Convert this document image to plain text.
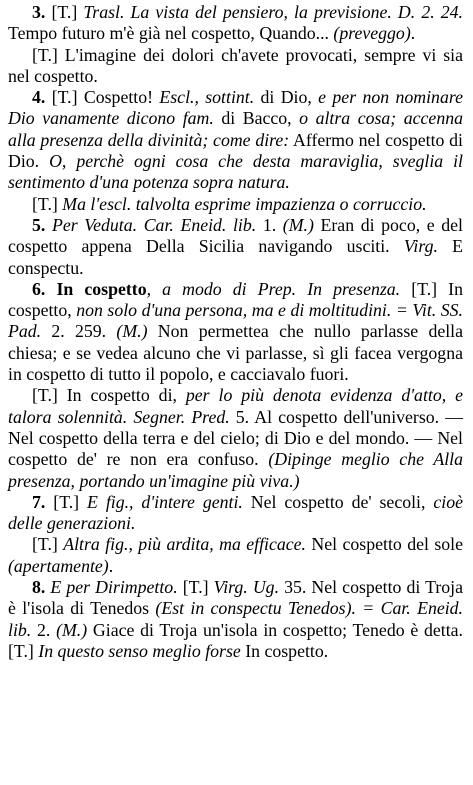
3. [T.] Trasl. La vista del pensiero, la previsione. D. 2. 24. Tempo futuro m'è già nel cospetto, Quando... (preveggo).
[T.] L'imagine dei dolori ch'avete provocati, sempre vi sia nel cospetto.
4. [T.] Cospetto! Escl., sottint. di Dio, e per non nominare Dio vanamente dicono fam. di Bacco, o altra cosa; accenna alla presenza della divinità; come dire: Affermo nel cospetto di Dio. O, perchè ogni cosa che desta maraviglia, sveglia il sentimento d'una potenza sopra natura.
[T.] Ma l'escl. talvolta esprime impazienza o corruccio.
5. Per Veduta. Car. Eneid. lib. 1. (M.) Eran di poco, e del cospetto appena Della Sicilia navigando usciti. Virg. E conspectu.
6. In cospetto, a modo di Prep. In presenza. [T.] In cospetto, non solo d'una persona, ma e di moltitudini. = Vit. SS. Pad. 2. 259. (M.) Non permettea che nullo parlasse della chiesa; e se vedea alcuno che vi parlasse, sì gli facea vergogna in cospetto di tutto il popolo, e cacciavalo fuori.
[T.] In cospetto di, per lo più denota evidenza d'atto, e talora solennità. Segner. Pred. 5. Al cospetto dell'universo. — Nel cospetto della terra e del cielo; di Dio e del mondo. — Nel cospetto de' re non era confuso. (Dipinge meglio che Alla presenza, portando un'imagine più viva.)
7. [T.] E fig., d'intere genti. Nel cospetto de' secoli, cioè delle generazioni.
[T.] Altra fig., più ardita, ma efficace. Nel cospetto del sole (apertamente).
8. E per Dirimpetto. [T.] Virg. Ug. 35. Nel cospetto di Troja è l'isola di Tenedos (Est in conspectu Tenedos). = Car. Eneid. lib. 2. (M.) Giace di Troja un'isola in cospetto; Tenedo è detta. [T.] In questo senso meglio forse In cospetto.
